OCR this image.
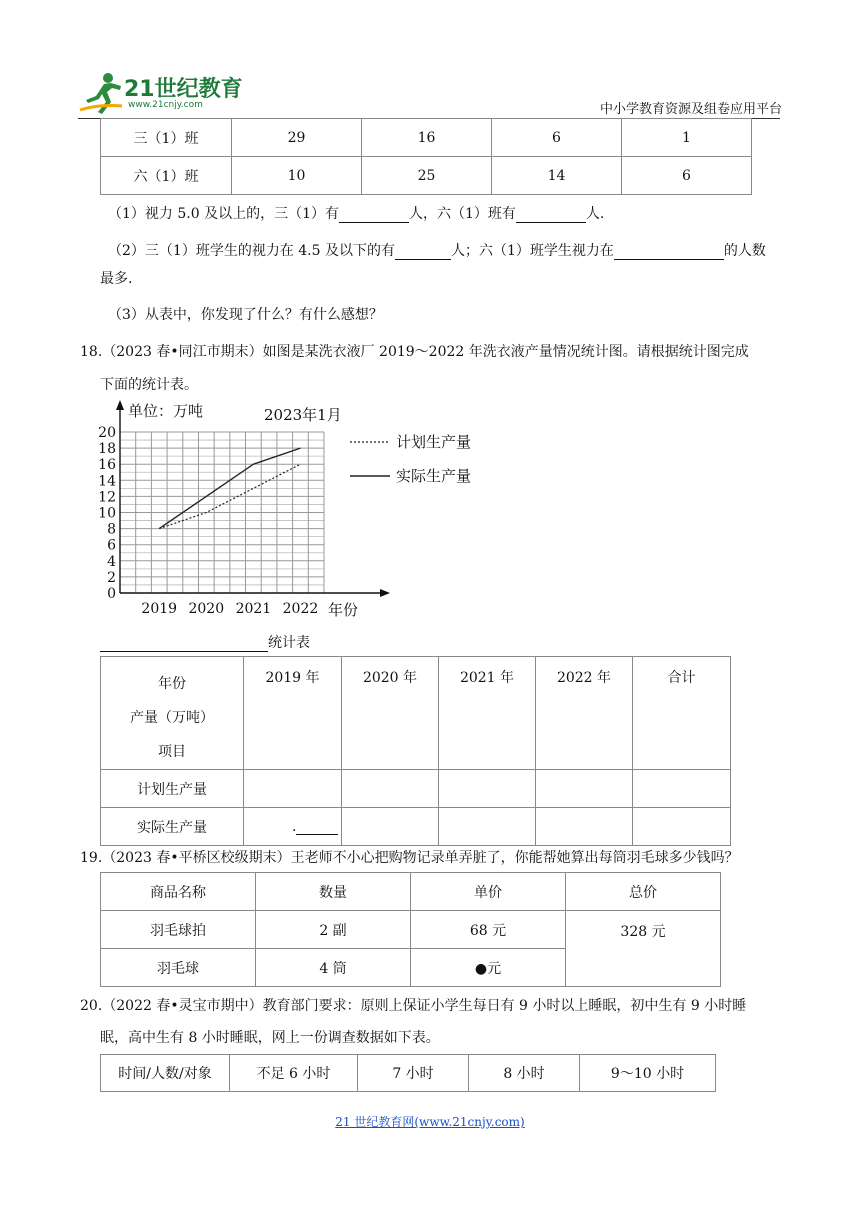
21世纪教育
www.21cnjy.com	中小学教育资源及组卷应用平台
三（1）班	29	16	6	1
六（1）班	10	25	14	6
（1）视力 5.0 及以上的，三（1）有	人，六（1）班有	人.
（2）三（1）班学生的视力在 4.5 及以下的有	人；六（1）班学生视力在	的人数
最多.
（3）从表中，你发现了什么？有什么感想？
18.（2023 春•同江市期末）如图是某洗衣液厂 2019～2022 年洗衣液产量情况统计图。请根据统计图完成
下面的统计表。
0
2
4
6
8
10
12
14
16
18
20
单位：万吨	2023年1月
2019 2020 2021 2022 年份
计划生产量
实际生产量
统计表
年份
产量（万吨）
项目	2019 年	2020 年	2021 年	2022 年	合计
计划生产量					
实际生产量	.				
19.（2023 春•平桥区校级期末）王老师不小心把购物记录单弄脏了，你能帮她算出每筒羽毛球多少钱吗？
商品名称	数量	单价	总价
羽毛球拍	2 副	68 元	328 元
羽毛球	4 筒	●元	
20.（2022 春•灵宝市期中）教育部门要求：原则上保证小学生每日有 9 小时以上睡眠，初中生有 9 小时睡
眠，高中生有 8 小时睡眠，网上一份调查数据如下表。
时间/人数/对象	不足 6 小时	7 小时	8 小时	9～10 小时
21 世纪教育网(www.21cnjy.com)
